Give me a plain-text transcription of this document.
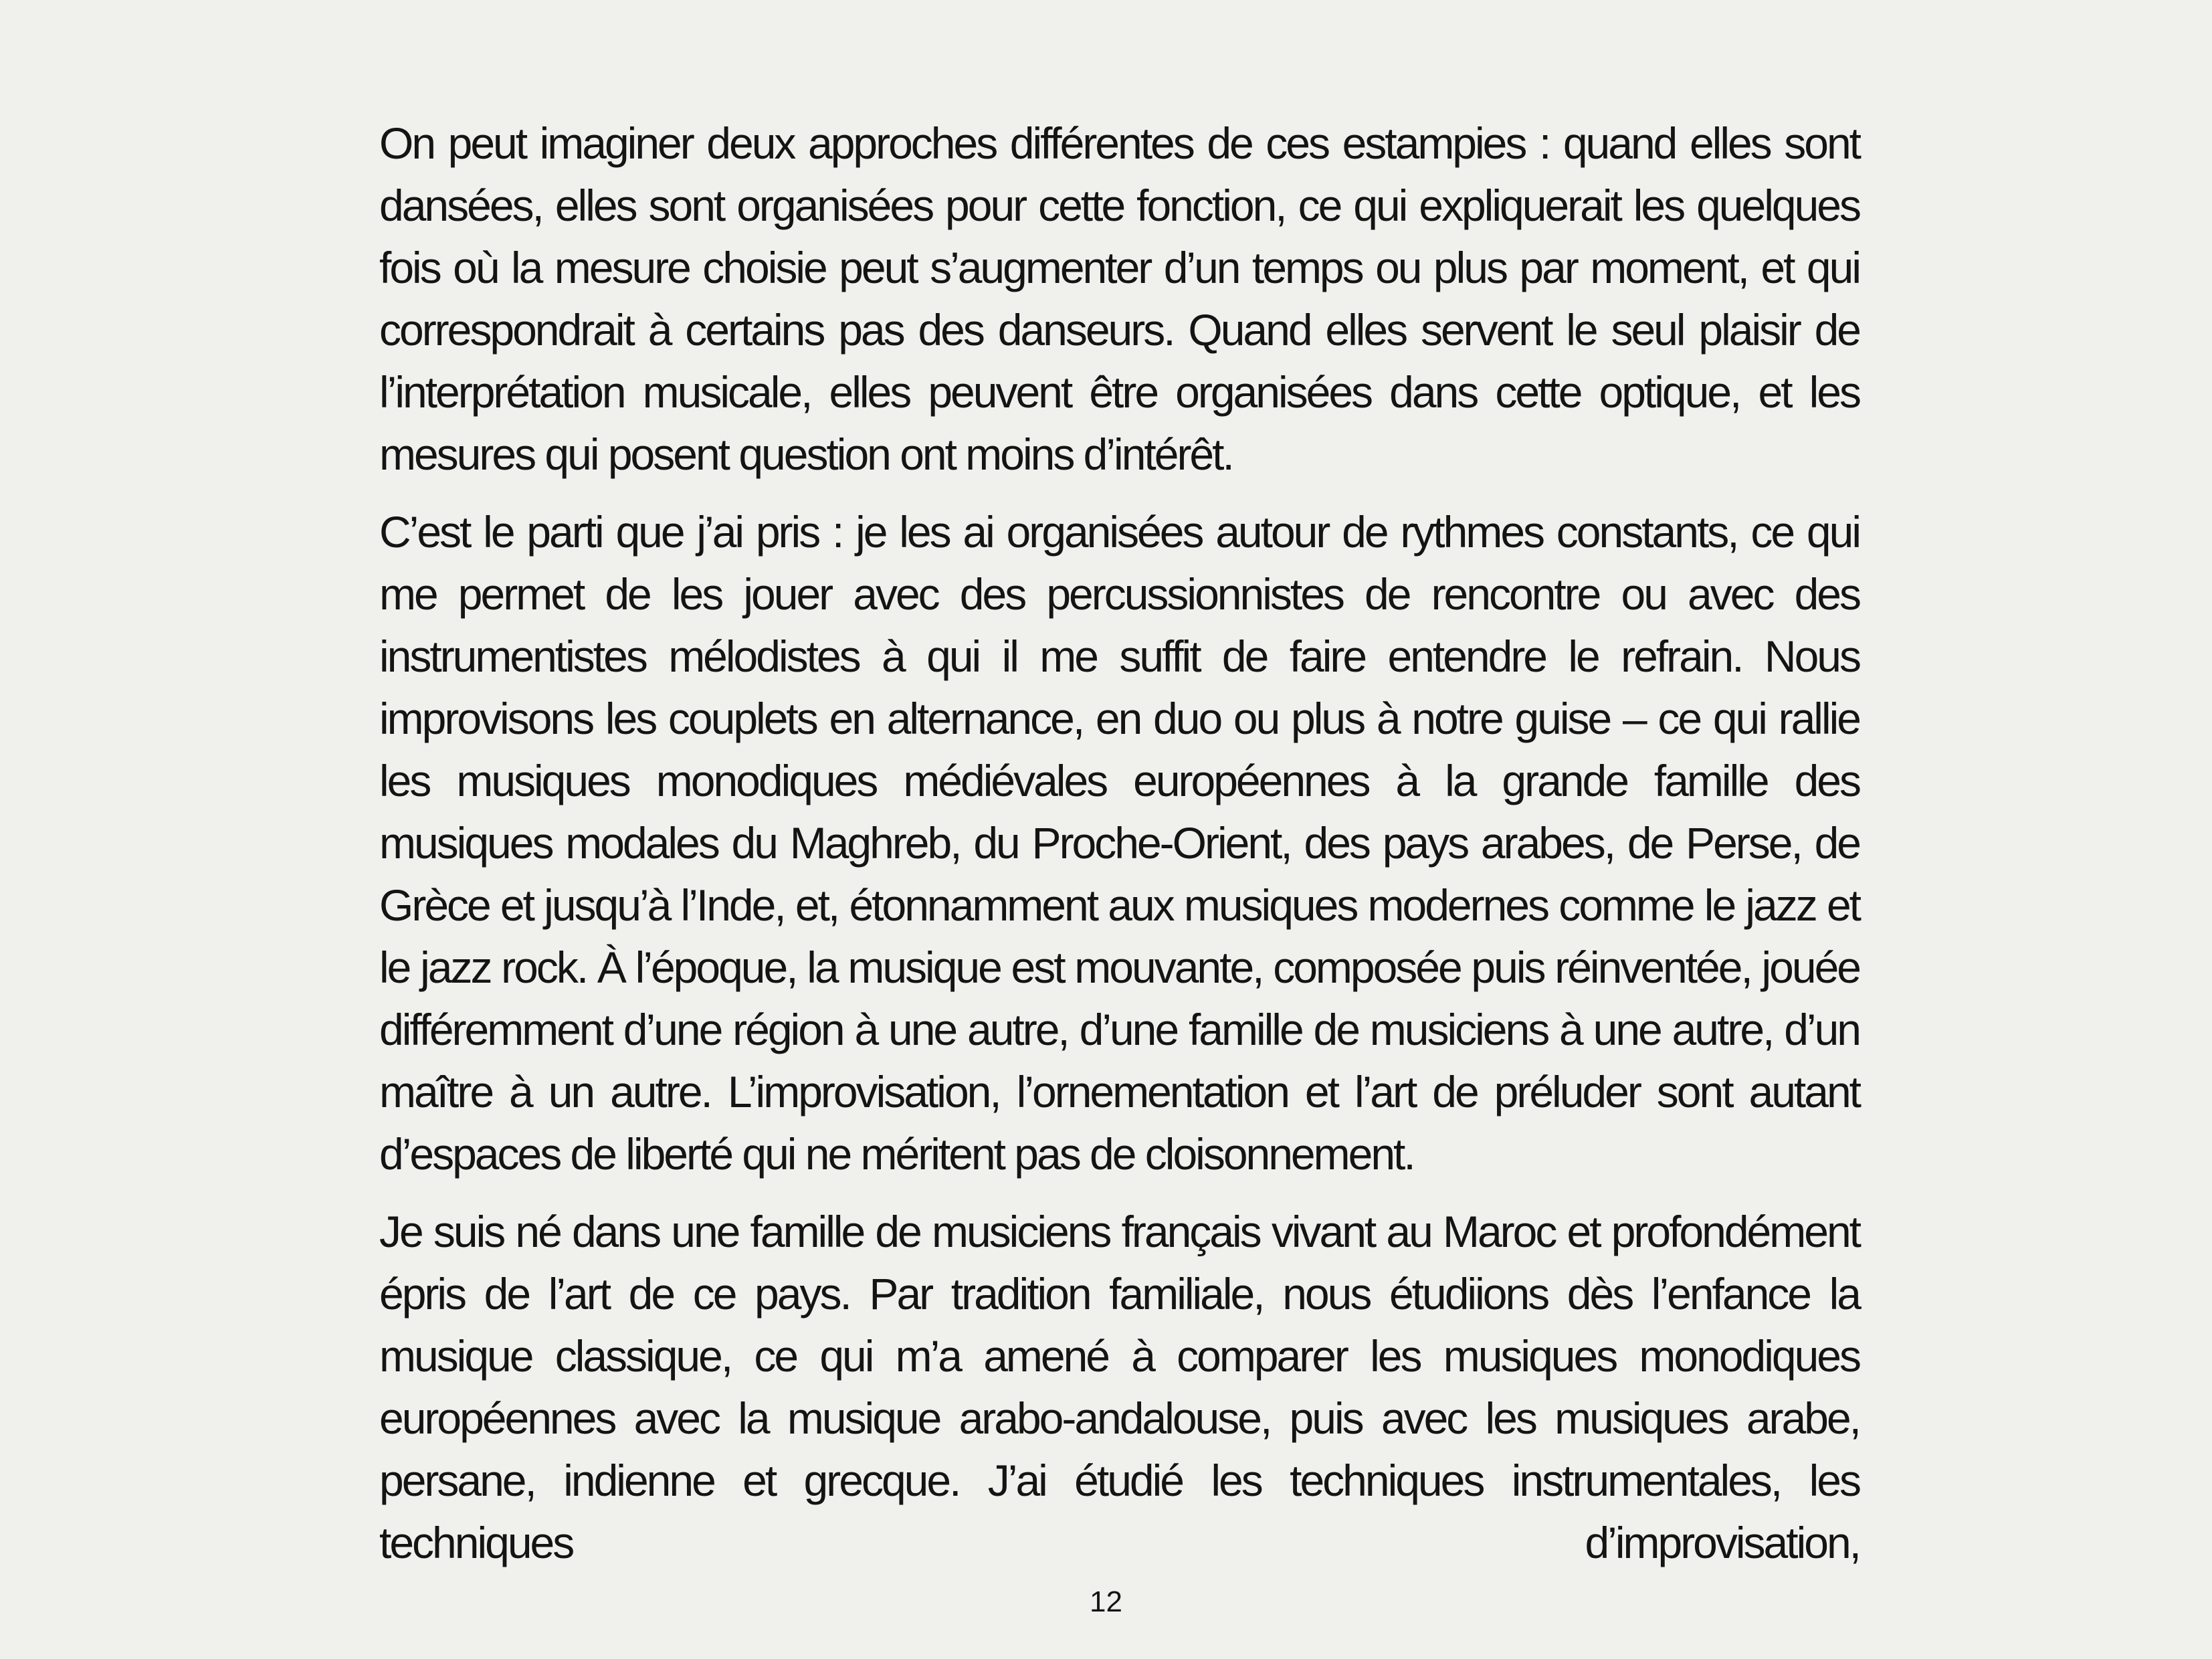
On peut imaginer deux approches différentes de ces estampies : quand elles sont dansées, elles sont organisées pour cette fonction, ce qui expliquerait les quelques fois où la mesure choisie peut s’augmenter d’un temps ou plus par moment, et qui correspondrait à certains pas des danseurs. Quand elles servent le seul plaisir de l’interprétation musicale, elles peuvent être organisées dans cette optique, et les mesures qui posent question ont moins d’intérêt.

C’est le parti que j’ai pris : je les ai organisées autour de rythmes constants, ce qui me permet de les jouer avec des percussionnistes de rencontre ou avec des instrumentistes mélodistes à qui il me suffit de faire entendre le refrain. Nous improvisons les couplets en alternance, en duo ou plus à notre guise – ce qui rallie les musiques monodiques médiévales européennes à la grande famille des musiques modales du Maghreb, du Proche-Orient, des pays arabes, de Perse, de Grèce et jusqu’à l’Inde, et, étonnamment aux musiques modernes comme le jazz et le jazz rock. À l’époque, la musique est mouvante, composée puis réinventée, jouée différemment d’une région à une autre, d’une famille de musiciens à une autre, d’un maître à un autre. L’improvisation, l’ornementation et l’art de préluder sont autant d’espaces de liberté qui ne méritent pas de cloisonnement.

Je suis né dans une famille de musiciens français vivant au Maroc et profondément épris de l’art de ce pays. Par tradition familiale, nous étudiions dès l’enfance la musique classique, ce qui m’a amené à comparer les musiques monodiques européennes avec la musique arabo-andalouse, puis avec les musiques arabe, persane, indienne et grecque. J’ai étudié les techniques instrumentales, les techniques d’improvisation,

12
